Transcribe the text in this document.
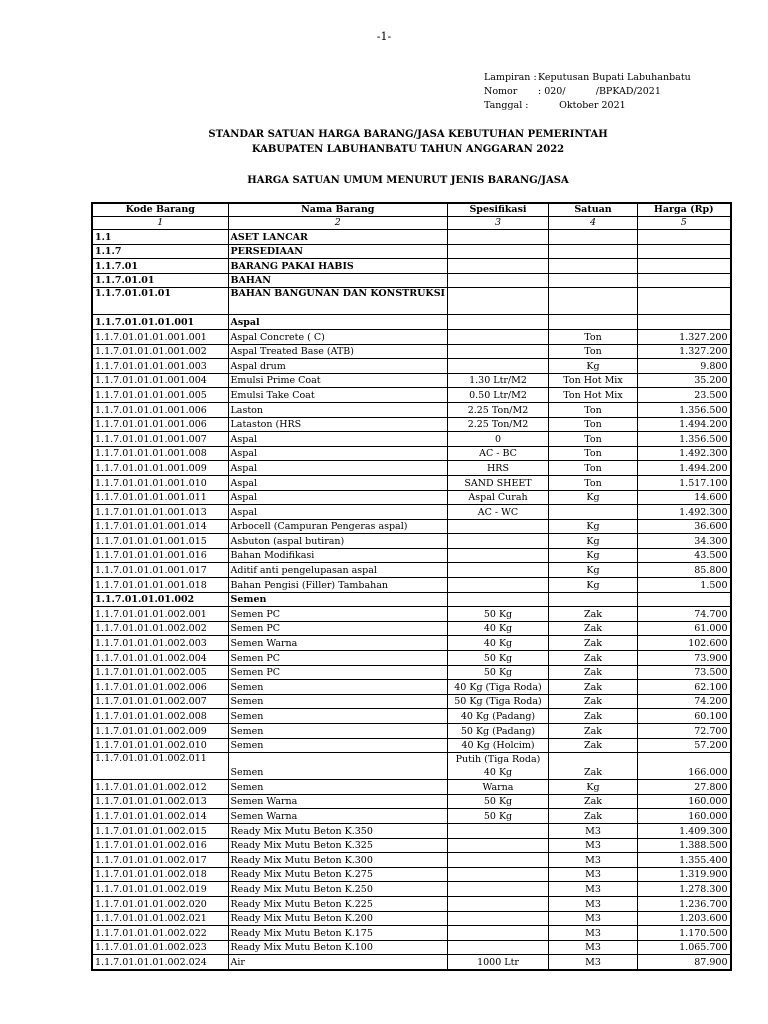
-1-
Lampiran : Keputusan Bupati Labuhanbatu
Nomor	: 020/          /BPKAD/2021
Tanggal :	Oktober 2021
STANDAR SATUAN HARGA BARANG/JASA KEBUTUHAN PEMERINTAH
KABUPATEN LABUHANBATU TAHUN ANGGARAN 2022
HARGA SATUAN UMUM MENURUT JENIS BARANG/JASA
Kode Barang	Nama Barang	Spesifikasi	Satuan	Harga (Rp)
1	2	3	4	5
1.1	ASET LANCAR			
1.1.7	PERSEDIAAN			
1.1.7.01	BARANG PAKAI HABIS			
1.1.7.01.01	BAHAN			
1.1.7.01.01.01	BAHAN BANGUNAN DAN KONSTRUKSI			
1.1.7.01.01.01.001	Aspal			
1.1.7.01.01.01.001.001	Aspal Concrete ( C)		Ton	1.327.200
1.1.7.01.01.01.001.002	Aspal Treated Base (ATB)		Ton	1.327.200
1.1.7.01.01.01.001.003	Aspal drum		Kg	9.800
1.1.7.01.01.01.001.004	Emulsi Prime Coat	1.30 Ltr/M2	Ton Hot Mix	35.200
1.1.7.01.01.01.001.005	Emulsi Take Coat	0.50 Ltr/M2	Ton Hot Mix	23.500
1.1.7.01.01.01.001.006	Laston	2.25 Ton/M2	Ton	1.356.500
1.1.7.01.01.01.001.006	Lataston (HRS	2.25 Ton/M2	Ton	1.494.200
1.1.7.01.01.01.001.007	Aspal	0	Ton	1.356.500
1.1.7.01.01.01.001.008	Aspal	AC - BC	Ton	1.492.300
1.1.7.01.01.01.001.009	Aspal	HRS	Ton	1.494.200
1.1.7.01.01.01.001.010	Aspal	SAND SHEET	Ton	1.517.100
1.1.7.01.01.01.001.011	Aspal	Aspal Curah	Kg	14.600
1.1.7.01.01.01.001.013	Aspal	AC - WC		1.492.300
1.1.7.01.01.01.001.014	Arbocell (Campuran Pengeras aspal)		Kg	36.600
1.1.7.01.01.01.001.015	Asbuton (aspal butiran)		Kg	34.300
1.1.7.01.01.01.001.016	Bahan Modifikasi		Kg	43.500
1.1.7.01.01.01.001.017	Aditif anti pengelupasan aspal		Kg	85.800
1.1.7.01.01.01.001.018	Bahan Pengisi (Filler) Tambahan		Kg	1.500
1.1.7.01.01.01.002	Semen			
1.1.7.01.01.01.002.001	Semen PC	50 Kg	Zak	74.700
1.1.7.01.01.01.002.002	Semen PC	40 Kg	Zak	61.000
1.1.7.01.01.01.002.003	Semen Warna	40 Kg	Zak	102.600
1.1.7.01.01.01.002.004	Semen PC	50 Kg	Zak	73.900
1.1.7.01.01.01.002.005	Semen PC	50 Kg	Zak	73.500
1.1.7.01.01.01.002.006	Semen	40 Kg (Tiga Roda)	Zak	62.100
1.1.7.01.01.01.002.007	Semen	50 Kg (Tiga Roda)	Zak	74.200
1.1.7.01.01.01.002.008	Semen	40 Kg (Padang)	Zak	60.100
1.1.7.01.01.01.002.009	Semen	50 Kg (Padang)	Zak	72.700
1.1.7.01.01.01.002.010	Semen	40 Kg (Holcim)	Zak	57.200
1.1.7.01.01.01.002.011	Semen	Putih (Tiga Roda) 40 Kg	Zak	166.000
1.1.7.01.01.01.002.012	Semen	Warna	Kg	27.800
1.1.7.01.01.01.002.013	Semen Warna	50 Kg	Zak	160.000
1.1.7.01.01.01.002.014	Semen Warna	50 Kg	Zak	160.000
1.1.7.01.01.01.002.015	Ready Mix Mutu Beton K.350		M3	1.409.300
1.1.7.01.01.01.002.016	Ready Mix Mutu Beton K.325		M3	1.388.500
1.1.7.01.01.01.002.017	Ready Mix Mutu Beton K.300		M3	1.355.400
1.1.7.01.01.01.002.018	Ready Mix Mutu Beton K.275		M3	1.319.900
1.1.7.01.01.01.002.019	Ready Mix Mutu Beton K.250		M3	1.278.300
1.1.7.01.01.01.002.020	Ready Mix Mutu Beton K.225		M3	1.236.700
1.1.7.01.01.01.002.021	Ready Mix Mutu Beton K.200		M3	1.203.600
1.1.7.01.01.01.002.022	Ready Mix Mutu Beton K.175		M3	1.170.500
1.1.7.01.01.01.002.023	Ready Mix Mutu Beton K.100		M3	1.065.700
1.1.7.01.01.01.002.024	Air	1000 Ltr	M3	87.900
